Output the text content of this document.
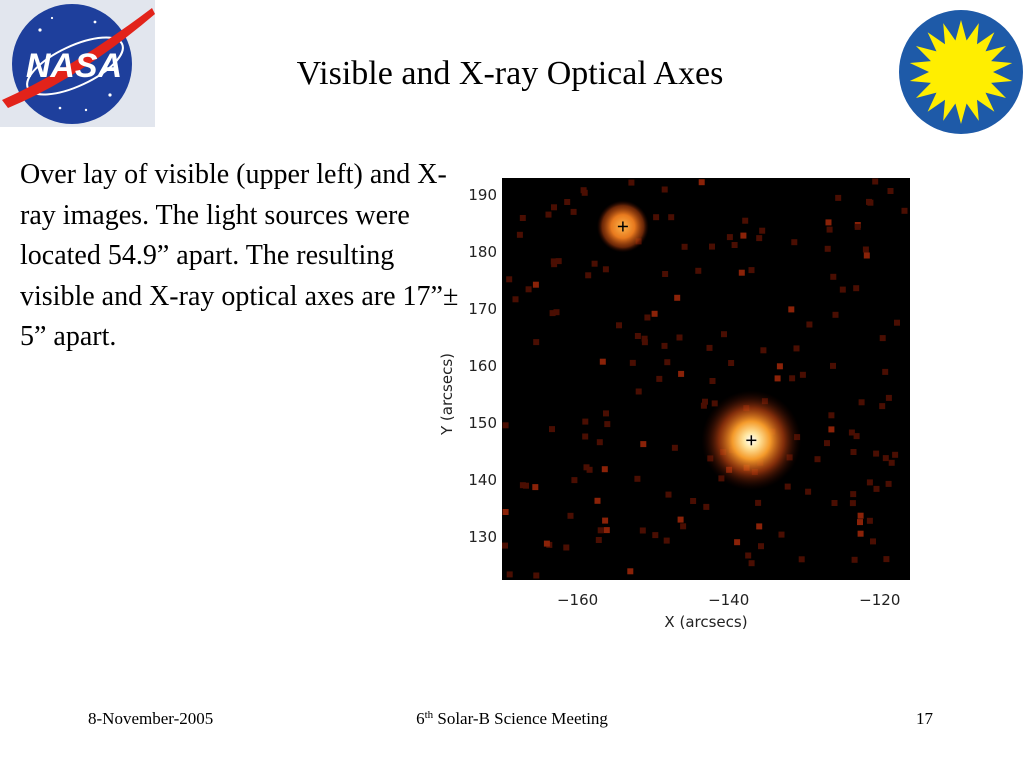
NASA	Visible and X-ray Optical Axes
Over lay of visible (upper left) and X-ray images. The light sources were located 54.9” apart. The resulting visible and X-ray optical axes are 17”± 5” apart.
−160	−140	−120
130
140
150
160
170
180
190
X (arcsecs)
Y (arcsecs)
8-November-2005	6th Solar-B Science Meeting	17
